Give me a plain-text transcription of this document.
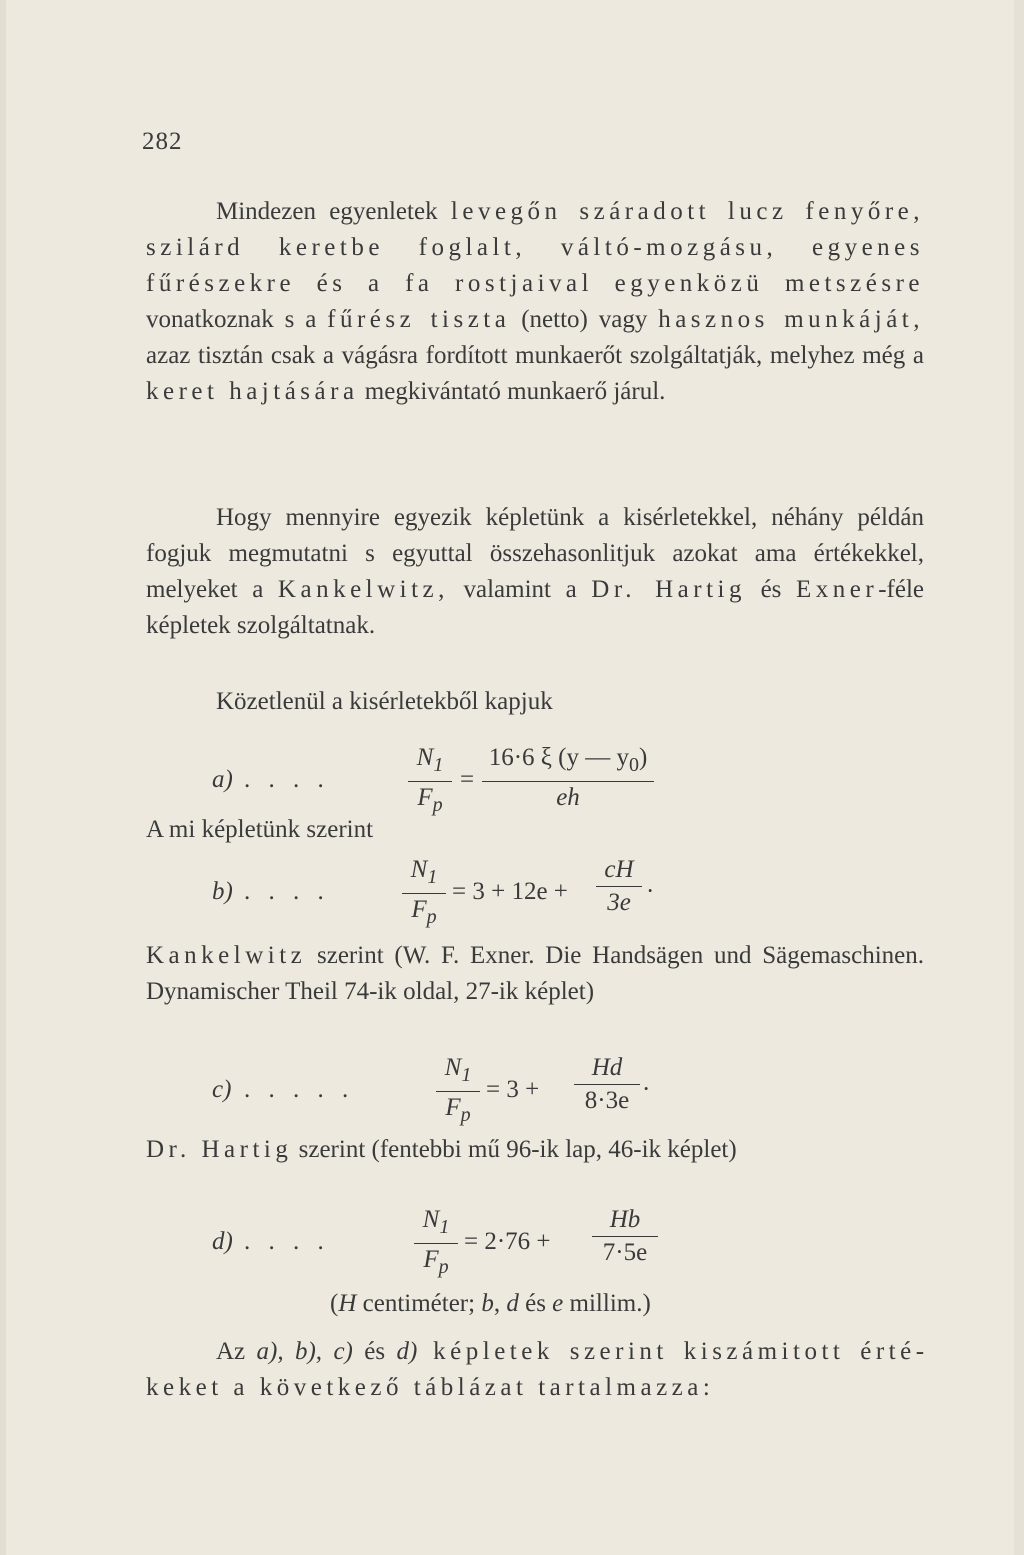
282
Mindezen egyenletek levegőn száradott lucz fenyőre, szilárd keretbe foglalt, váltó-mozgásu, egyenes fűrészekre és a fa rostjaival egyenközü metszésre vonatkoznak s a fűrész tiszta (netto) vagy hasznos munkáját, azaz tisztán csak a vágásra fordított munkaerőt szolgáltatják, melyhez még a keret hajtására megkivántató munkaerő járul.
Hogy mennyire egyezik képletünk a kisérletekkel, néhány példán fogjuk megmutatni s egyuttal összehasonlitjuk azokat ama értékekkel, melyeket a Kankelwitz, valamint a Dr. Hartig és Exner-féle képletek szolgáltatnak.
Közetlenül a kisérletekből kapjuk
a) . . . .
$N_1$
$F_p$
=
16·6 ξ (y — $y_0$)
eh
A mi képletünk szerint
b) . . . .
$N_1$
$F_p$
= 3 + 12e +
cH
3e ·
Kankelwitz szerint (W. F. Exner. Die Handsägen und Sägemaschinen. Dynamischer Theil 74-ik oldal, 27-ik képlet)
c) . . . . .
$N_1$
$F_p$
= 3 +
Hd
8·3e ·
Dr. Hartig szerint (fentebbi mű 96-ik lap, 46-ik képlet)
d) . . . .
$N_1$
$F_p$
= 2·76 +
Hb
7·5e
(H centiméter; b, d és e millim.)
Az a), b), c) és d) képletek szerint kiszámitott értékeket a következő táblázat tartalmazza:
